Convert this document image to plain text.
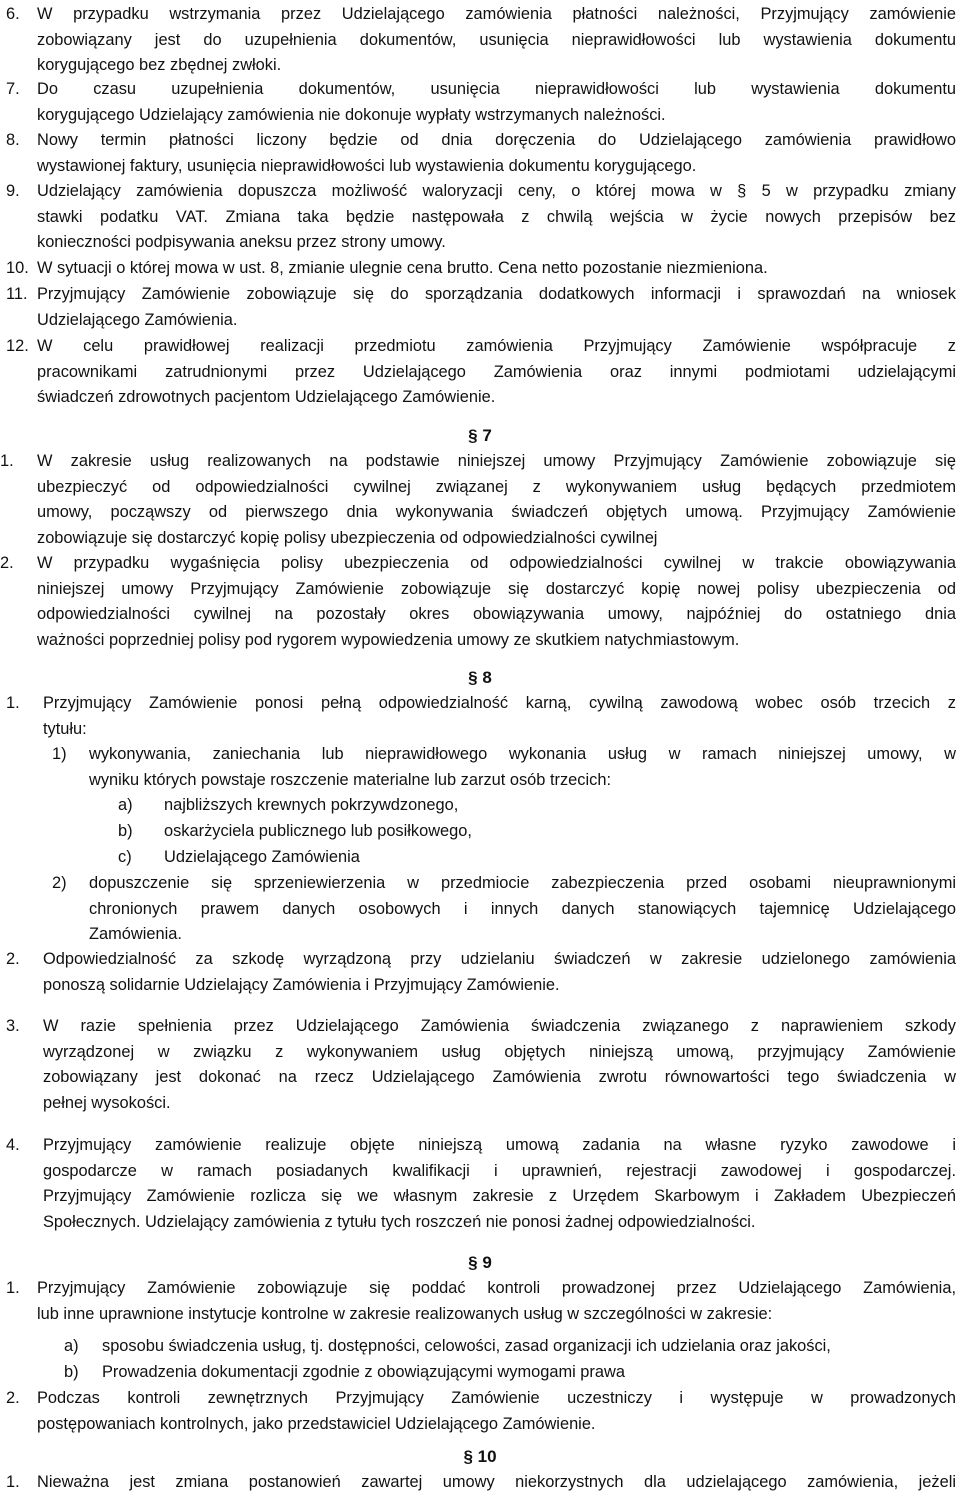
6. W przypadku wstrzymania przez Udzielającego zamówienia płatności należności, Przyjmujący zamówienie
zobowiązany jest do uzupełnienia dokumentów, usunięcia nieprawidłowości lub wystawienia dokumentu
korygującego bez zbędnej zwłoki.
7. Do czasu uzupełnienia dokumentów, usunięcia nieprawidłowości lub wystawienia dokumentu
korygującego Udzielający zamówienia nie dokonuje wypłaty wstrzymanych należności.
8. Nowy termin płatności liczony będzie od dnia doręczenia do Udzielającego zamówienia prawidłowo
wystawionej faktury, usunięcia nieprawidłowości lub wystawienia dokumentu korygującego.
9. Udzielający zamówienia dopuszcza możliwość waloryzacji ceny, o której mowa w § 5 w przypadku zmiany
stawki podatku VAT. Zmiana taka będzie następowała z chwilą wejścia w życie nowych przepisów bez
konieczności podpisywania aneksu przez strony umowy.
10. W sytuacji o której mowa w ust. 8, zmianie ulegnie cena brutto. Cena netto pozostanie niezmieniona.
11. Przyjmujący Zamówienie zobowiązuje się do sporządzania dodatkowych informacji i sprawozdań na wniosek
Udzielającego Zamówienia.
12. W celu prawidłowej realizacji przedmiotu zamówienia Przyjmujący Zamówienie współpracuje z
pracownikami zatrudnionymi przez Udzielającego Zamówienia oraz innymi podmiotami udzielającymi
świadczeń zdrowotnych pacjentom Udzielającego Zamówienie.
§ 7
1. W zakresie usług realizowanych na podstawie niniejszej umowy Przyjmujący Zamówienie zobowiązuje się
ubezpieczyć od odpowiedzialności cywilnej związanej z wykonywaniem usług będących przedmiotem
umowy, począwszy od pierwszego dnia wykonywania świadczeń objętych umową. Przyjmujący Zamówienie
zobowiązuje się dostarczyć kopię polisy ubezpieczenia od odpowiedzialności cywilnej
2. W przypadku wygaśnięcia polisy ubezpieczenia od odpowiedzialności cywilnej w trakcie obowiązywania
niniejszej umowy Przyjmujący Zamówienie zobowiązuje się dostarczyć kopię nowej polisy ubezpieczenia od
odpowiedzialności cywilnej na pozostały okres obowiązywania umowy, najpóźniej do ostatniego dnia
ważności poprzedniej polisy pod rygorem wypowiedzenia umowy ze skutkiem natychmiastowym.
§ 8
1. Przyjmujący Zamówienie ponosi pełną odpowiedzialność karną, cywilną zawodową wobec osób trzecich z
tytułu:
1) wykonywania, zaniechania lub nieprawidłowego wykonania usług w ramach niniejszej umowy, w
wyniku których powstaje roszczenie materialne lub zarzut osób trzecich:
a) najbliższych krewnych pokrzywdzonego,
b) oskarżyciela publicznego lub posiłkowego,
c) Udzielającego Zamówienia
2) dopuszczenie się sprzeniewierzenia w przedmiocie zabezpieczenia przed osobami nieuprawnionymi
chronionych prawem danych osobowych i innych danych stanowiących tajemnicę Udzielającego
Zamówienia.
2. Odpowiedzialność za szkodę wyrządzoną przy udzielaniu świadczeń w zakresie udzielonego zamówienia
ponoszą solidarnie Udzielający Zamówienia i Przyjmujący Zamówienie.
3. W razie spełnienia przez Udzielającego Zamówienia świadczenia związanego z naprawieniem szkody
wyrządzonej w związku z wykonywaniem usług objętych niniejszą umową, przyjmujący Zamówienie
zobowiązany jest dokonać na rzecz Udzielającego Zamówienia zwrotu równowartości tego świadczenia w
pełnej wysokości.
4. Przyjmujący zamówienie realizuje objęte niniejszą umową zadania na własne ryzyko zawodowe i
gospodarcze w ramach posiadanych kwalifikacji i uprawnień, rejestracji zawodowej i gospodarczej.
Przyjmujący Zamówienie rozlicza się we własnym zakresie z Urzędem Skarbowym i Zakładem Ubezpieczeń
Społecznych. Udzielający zamówienia z tytułu tych roszczeń nie ponosi żadnej odpowiedzialności.
§ 9
1. Przyjmujący Zamówienie zobowiązuje się poddać kontroli prowadzonej przez Udzielającego Zamówienia,
lub inne uprawnione instytucje kontrolne w zakresie realizowanych usług w szczególności w zakresie:
a) sposobu świadczenia usług, tj. dostępności, celowości, zasad organizacji ich udzielania oraz jakości,
b) Prowadzenia dokumentacji zgodnie z obowiązującymi wymogami prawa
2. Podczas kontroli zewnętrznych Przyjmujący Zamówienie uczestniczy i występuje w prowadzonych
postępowaniach kontrolnych, jako przedstawiciel Udzielającego Zamówienie.
§ 10
1. Nieważna jest zmiana postanowień zawartej umowy niekorzystnych dla udzielającego zamówienia, jeżeli
